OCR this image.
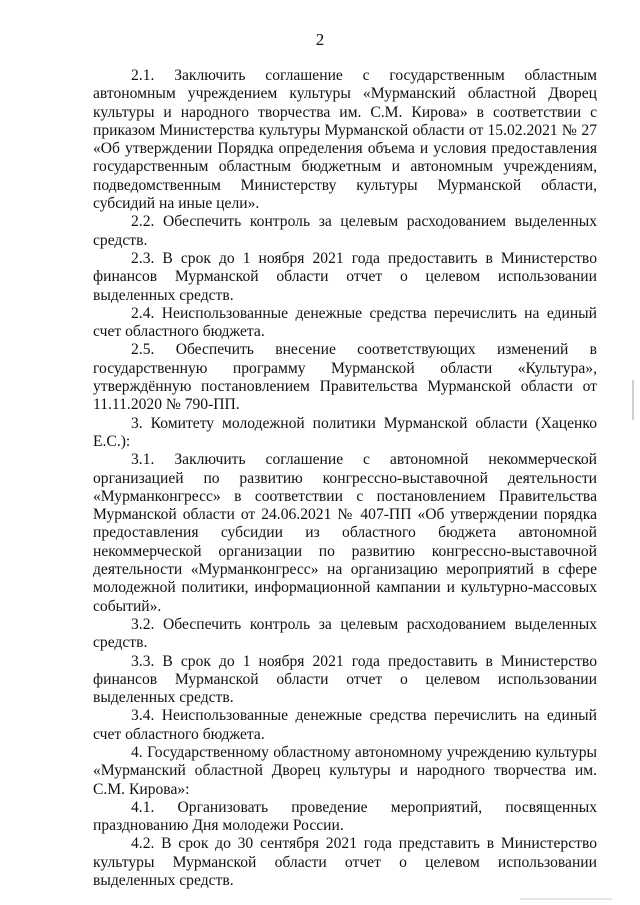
2

2.1. Заключить соглашение с государственным областным автономным учреждением культуры «Мурманский областной Дворец культуры и народного творчества им. С.М. Кирова» в соответствии с приказом Министерства культуры Мурманской области от 15.02.2021 № 27 «Об утверждении Порядка определения объема и условия предоставления государственным областным бюджетным и автономным учреждениям, подведомственным Министерству культуры Мурманской области, субсидий на иные цели».

2.2. Обеспечить контроль за целевым расходованием выделенных средств.

2.3. В срок до 1 ноября 2021 года предоставить в Министерство финансов Мурманской области отчет о целевом использовании выделенных средств.

2.4. Неиспользованные денежные средства перечислить на единый счет областного бюджета.

2.5. Обеспечить внесение соответствующих изменений в государственную программу Мурманской области «Культура», утверждённую постановлением Правительства Мурманской области от 11.11.2020 № 790-ПП.

3. Комитету молодежной политики Мурманской области (Хаценко Е.С.):

3.1. Заключить соглашение с автономной некоммерческой организацией по развитию конгрессно-выставочной деятельности «Мурманконгресс» в соответствии с постановлением Правительства Мурманской области от 24.06.2021 № 407-ПП «Об утверждении порядка предоставления субсидии из областного бюджета автономной некоммерческой организации по развитию конгрессно-выставочной деятельности «Мурманконгресс» на организацию мероприятий в сфере молодежной политики, информационной кампании и культурно-массовых событий».

3.2. Обеспечить контроль за целевым расходованием выделенных средств.

3.3. В срок до 1 ноября 2021 года предоставить в Министерство финансов Мурманской области отчет о целевом использовании выделенных средств.

3.4. Неиспользованные денежные средства перечислить на единый счет областного бюджета.

4. Государственному областному автономному учреждению культуры «Мурманский областной Дворец культуры и народного творчества им. С.М. Кирова»:

4.1. Организовать проведение мероприятий, посвященных празднованию Дня молодежи России.

4.2. В срок до 30 сентября 2021 года представить в Министерство культуры Мурманской области отчет о целевом использовании выделенных средств.
